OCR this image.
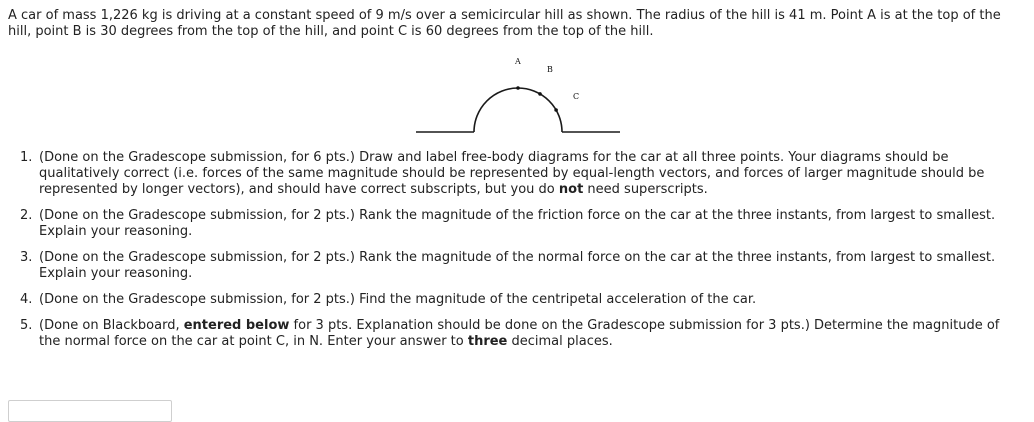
A car of mass 1,226 kg is driving at a constant speed of 9 m/s over a semicircular hill as shown. The radius of the hill is 41 m. Point A is at the top of the hill, point B is 30 degrees from the top of the hill, and point C is 60 degrees from the top of the hill.

A
B
C
1. (Done on the Gradescope submission, for 6 pts.) Draw and label free-body diagrams for the car at all three points. Your diagrams should be qualitatively correct (i.e. forces of the same magnitude should be represented by equal-length vectors, and forces of larger magnitude should be represented by longer vectors), and should have correct subscripts, but you do not need superscripts.
2. (Done on the Gradescope submission, for 2 pts.) Rank the magnitude of the friction force on the car at the three instants, from largest to smallest. Explain your reasoning.
3. (Done on the Gradescope submission, for 2 pts.) Rank the magnitude of the normal force on the car at the three instants, from largest to smallest. Explain your reasoning.
4. (Done on the Gradescope submission, for 2 pts.) Find the magnitude of the centripetal acceleration of the car.
5. (Done on Blackboard, entered below for 3 pts. Explanation should be done on the Gradescope submission for 3 pts.) Determine the magnitude of the normal force on the car at point C, in N. Enter your answer to three decimal places.
